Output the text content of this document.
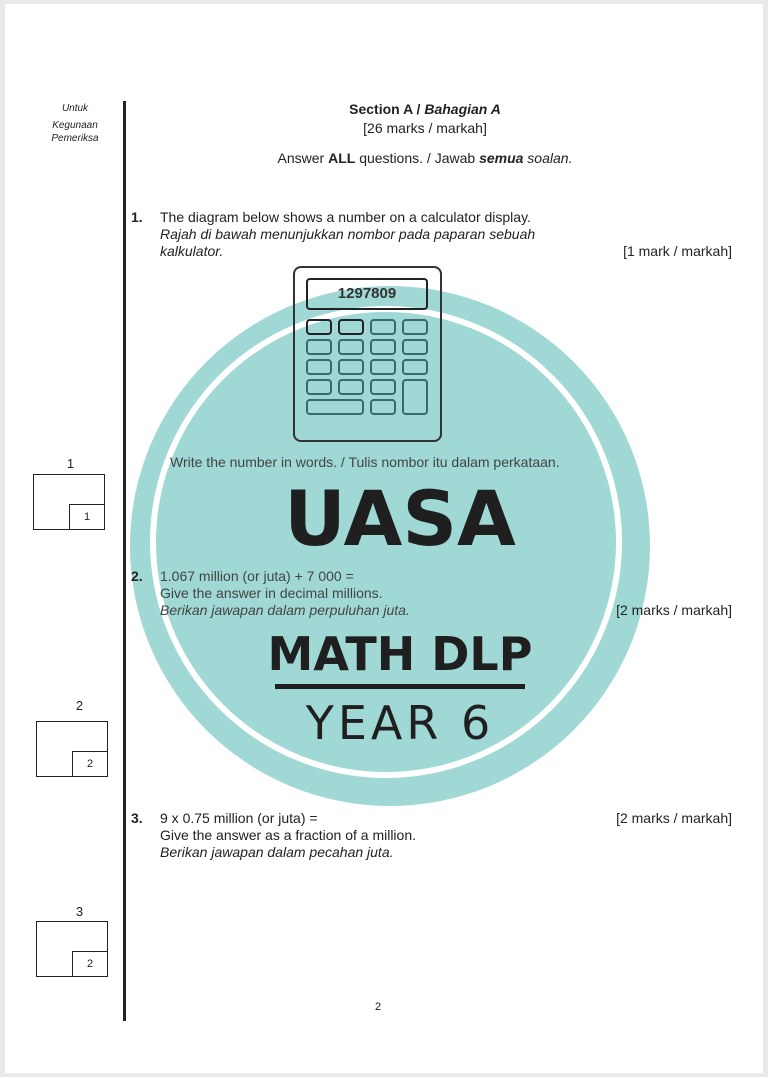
Untuk
Kegunaan
Pemeriksa
Section A / Bahagian A
[26 marks / markah]
Answer ALL questions. / Jawab semua soalan.
1. The diagram below shows a number on a calculator display.
Rajah di bawah menunjukkan nombor pada paparan sebuah
kalkulator.	[1 mark / markah]
Write the number in words. / Tulis nombor itu dalam perkataan.
2. 1.067 million (or juta) + 7 000 =
Give the answer in decimal millions.
Berikan jawapan dalam perpuluhan juta.	[2 marks / markah]
3. 9 x 0.75 million (or juta) =	[2 marks / markah]
Give the answer as a fraction of a million.
Berikan jawapan dalam pecahan juta.
1
1
2
2
3
2
2
1297809
UASA
MATH DLP
YEAR 6
